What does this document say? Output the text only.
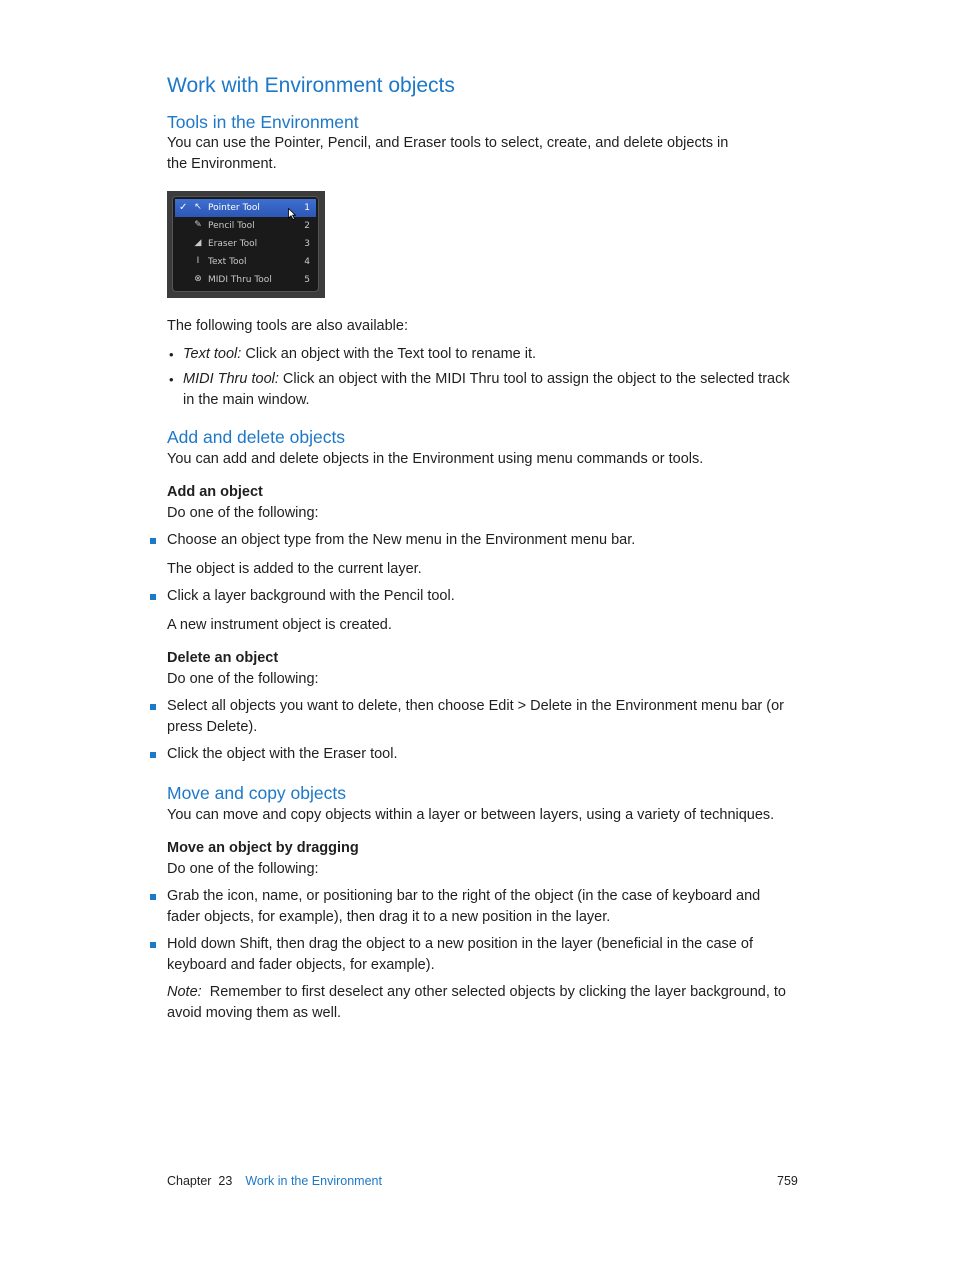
Work with Environment objects
Tools in the Environment
You can use the Pointer, Pencil, and Eraser tools to select, create, and delete objects in
the Environment.
✓ ↖ Pointer Tool	1
✎ Pencil Tool	2
◢ Eraser Tool	3
I Text Tool	4
⊗ MIDI Thru Tool	5
The following tools are also available:
• Text tool: Click an object with the Text tool to rename it.
• MIDI Thru tool: Click an object with the MIDI Thru tool to assign the object to the selected track
in the main window.
Add and delete objects
You can add and delete objects in the Environment using menu commands or tools.
Add an object
Do one of the following:
Choose an object type from the New menu in the Environment menu bar.
The object is added to the current layer.
Click a layer background with the Pencil tool.
A new instrument object is created.
Delete an object
Do one of the following:
Select all objects you want to delete, then choose Edit > Delete in the Environment menu bar (or
press Delete).
Click the object with the Eraser tool.
Move and copy objects
You can move and copy objects within a layer or between layers, using a variety of techniques.
Move an object by dragging
Do one of the following:
Grab the icon, name, or positioning bar to the right of the object (in the case of keyboard and
fader objects, for example), then drag it to a new position in the layer.
Hold down Shift, then drag the object to a new position in the layer (beneficial in the case of
keyboard and fader objects, for example).
Note:  Remember to first deselect any other selected objects by clicking the layer background, to
avoid moving them as well.
Chapter  23 Work in the Environment	759
